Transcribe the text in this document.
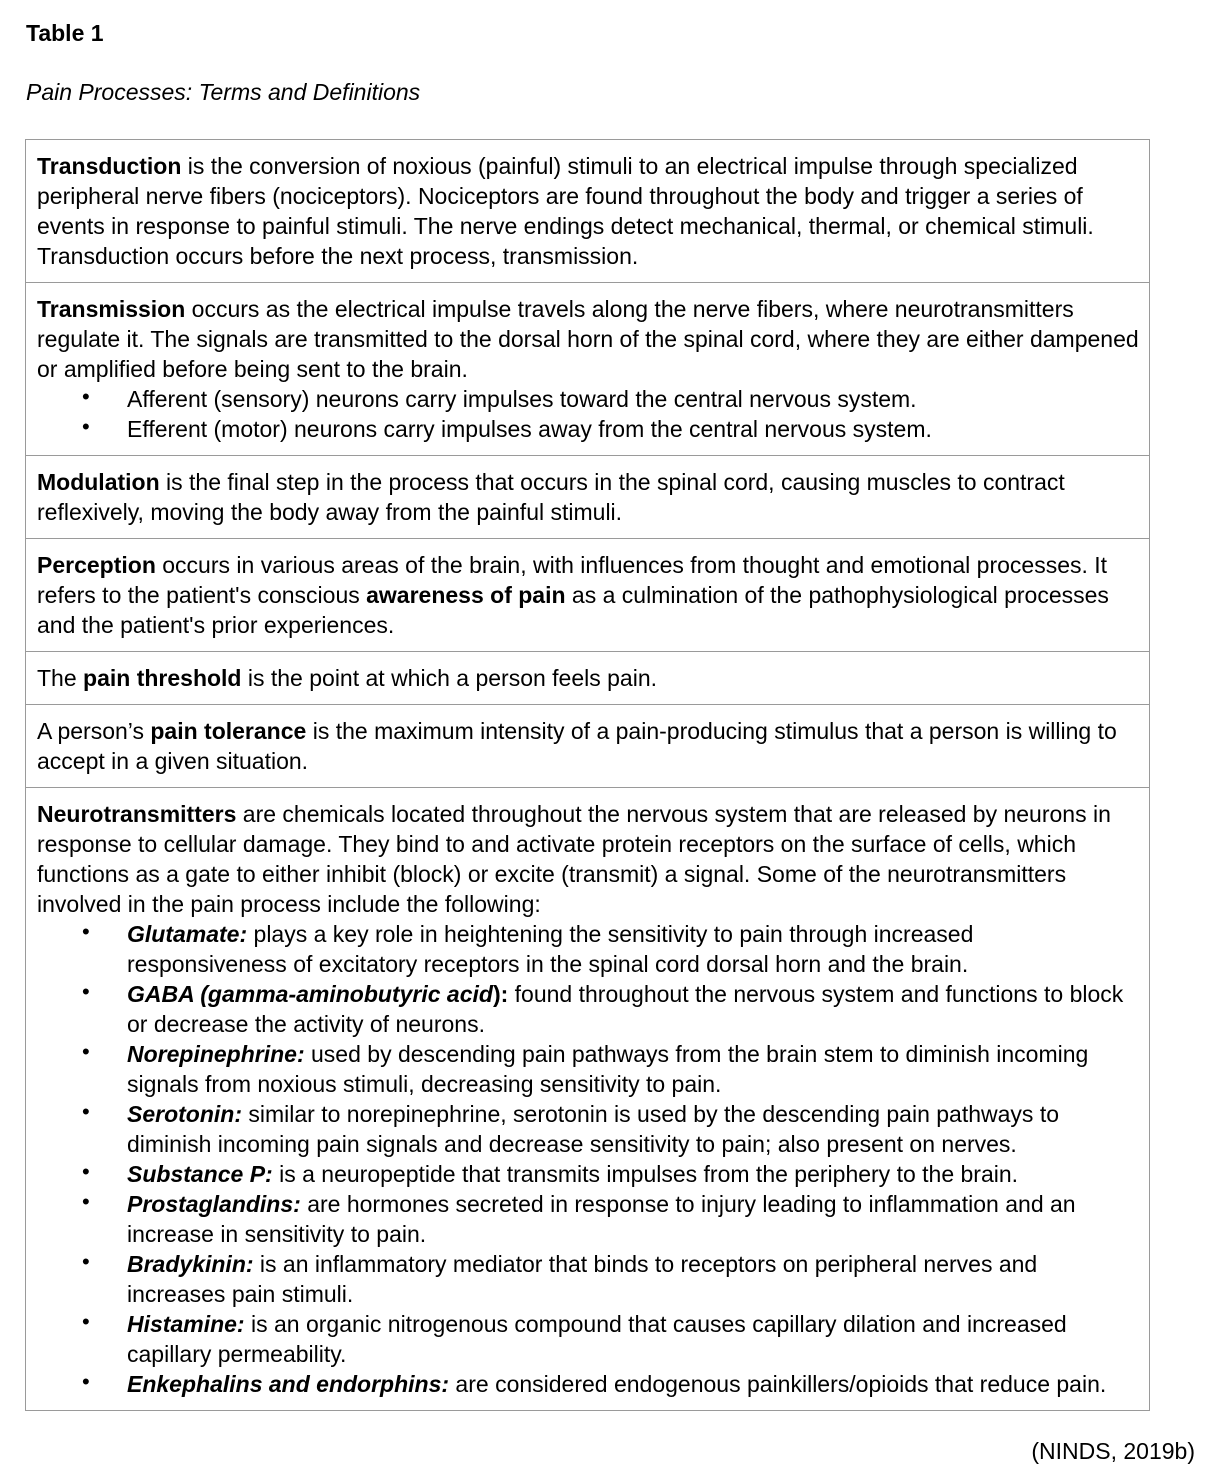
Table 1

Pain Processes: Terms and Definitions

Transduction is the conversion of noxious (painful) stimuli to an electrical impulse through specialized peripheral nerve fibers (nociceptors). Nociceptors are found throughout the body and trigger a series of events in response to painful stimuli. The nerve endings detect mechanical, thermal, or chemical stimuli. Transduction occurs before the next process, transmission.

Transmission occurs as the electrical impulse travels along the nerve fibers, where neurotransmitters regulate it. The signals are transmitted to the dorsal horn of the spinal cord, where they are either dampened or amplified before being sent to the brain.

• Afferent (sensory) neurons carry impulses toward the central nervous system.
• Efferent (motor) neurons carry impulses away from the central nervous system.

Modulation is the final step in the process that occurs in the spinal cord, causing muscles to contract reflexively, moving the body away from the painful stimuli.

Perception occurs in various areas of the brain, with influences from thought and emotional processes. It refers to the patient's conscious awareness of pain as a culmination of the pathophysiological processes and the patient's prior experiences.

The pain threshold is the point at which a person feels pain.

A person’s pain tolerance is the maximum intensity of a pain-producing stimulus that a person is willing to accept in a given situation.

Neurotransmitters are chemicals located throughout the nervous system that are released by neurons in response to cellular damage. They bind to and activate protein receptors on the surface of cells, which functions as a gate to either inhibit (block) or excite (transmit) a signal. Some of the neurotransmitters involved in the pain process include the following:

• Glutamate: plays a key role in heightening the sensitivity to pain through increased responsiveness of excitatory receptors in the spinal cord dorsal horn and the brain.
• GABA (gamma-aminobutyric acid): found throughout the nervous system and functions to block or decrease the activity of neurons.
• Norepinephrine: used by descending pain pathways from the brain stem to diminish incoming signals from noxious stimuli, decreasing sensitivity to pain.
• Serotonin: similar to norepinephrine, serotonin is used by the descending pain pathways to diminish incoming pain signals and decrease sensitivity to pain; also present on nerves.
• Substance P: is a neuropeptide that transmits impulses from the periphery to the brain.
• Prostaglandins: are hormones secreted in response to injury leading to inflammation and an increase in sensitivity to pain.
• Bradykinin: is an inflammatory mediator that binds to receptors on peripheral nerves and increases pain stimuli.
• Histamine: is an organic nitrogenous compound that causes capillary dilation and increased capillary permeability.
• Enkephalins and endorphins: are considered endogenous painkillers/opioids that reduce pain.

(NINDS, 2019b)
